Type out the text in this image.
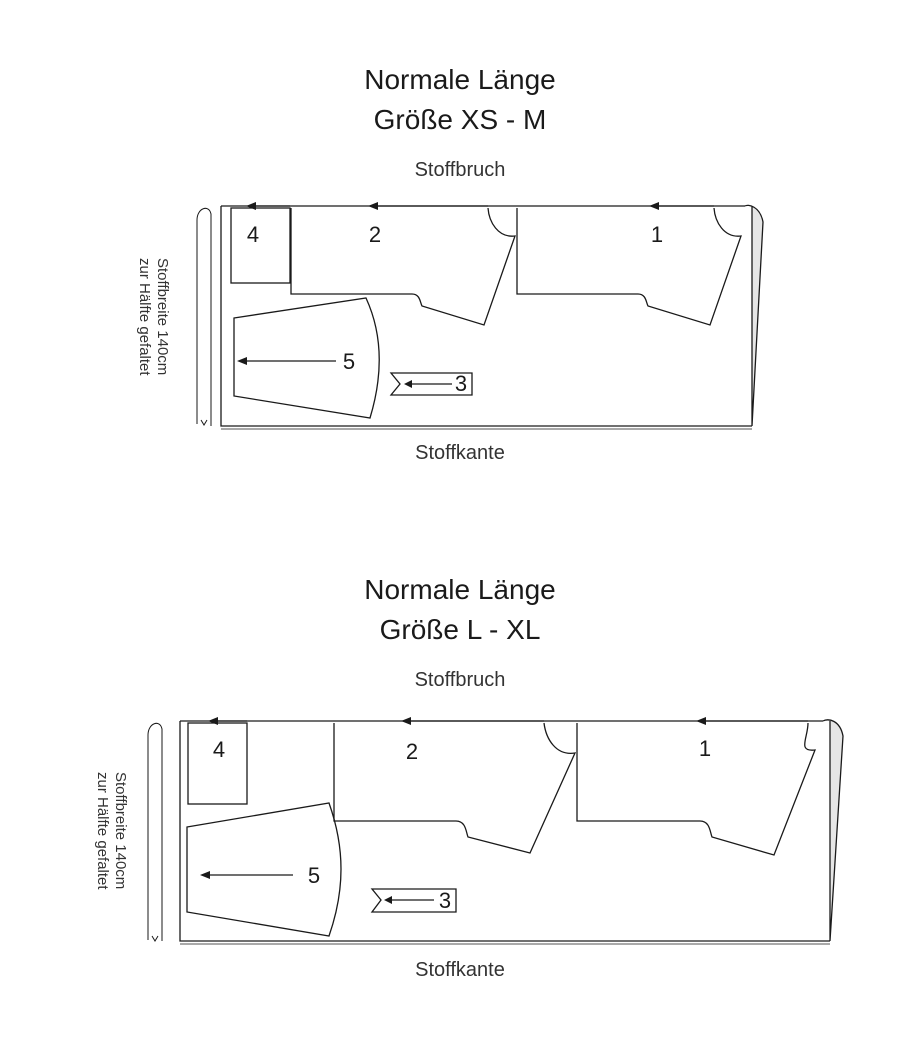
Normale Länge
Größe XS - M
Stoffbruch
Stoffkante
4	2	1
5
3
Stoffbreite 140cm
zur Hälfte gefaltet
Normale Länge
Größe L - XL
Stoffbruch
Stoffkante
4	2	1
5
3
Stoffbreite 140cm
zur Hälfte gefaltet
